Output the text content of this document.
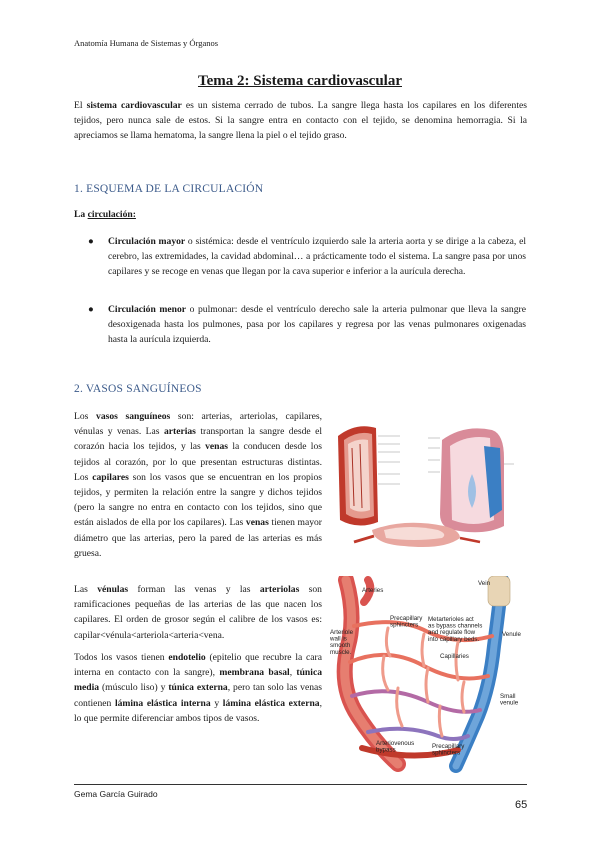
Anatomía Humana de Sistemas y Órganos
Tema 2: Sistema cardiovascular

El sistema cardiovascular es un sistema cerrado de tubos. La sangre llega hasta los capilares en los diferentes tejidos, pero nunca sale de estos. Si la sangre entra en contacto con el tejido, se denomina hemorragia. Si la apreciamos se llama hematoma, la sangre llena la piel o el tejido graso.

1. ESQUEMA DE LA CIRCULACIÓN

La circulación:

● Circulación mayor o sistémica: desde el ventrículo izquierdo sale la arteria aorta y se dirige a la cabeza, el cerebro, las extremidades, la cavidad abdominal… a prácticamente todo el sistema. La sangre pasa por unos capilares y se recoge en venas que llegan por la cava superior e inferior a la aurícula derecha.

● Circulación menor o pulmonar: desde el ventrículo derecho sale la arteria pulmonar que lleva la sangre desoxigenada hasta los pulmones, pasa por los capilares y regresa por las venas pulmonares oxigenadas hasta la aurícula izquierda.

2. VASOS SANGUÍNEOS

Los vasos sanguíneos son: arterias, arteriolas, capilares, vénulas y venas. Las arterias transportan la sangre desde el corazón hacia los tejidos, y las venas la conducen desde los tejidos al corazón, por lo que presentan estructuras distintas. Los capilares son los vasos que se encuentran en los propios tejidos, y permiten la relación entre la sangre y dichos tejidos (pero la sangre no entra en contacto con los tejidos, sino que están aislados de ella por los capilares). Las venas tienen mayor diámetro que las arterias, pero la pared de las arterias es más gruesa.

Las vénulas forman las venas y las arteriolas son ramificaciones pequeñas de las arterias de las que nacen los capilares. El orden de grosor según el calibre de los vasos es: capilar<vénula<arteriola<arteria<vena.

Todos los vasos tienen endotelio (epitelio que recubre la cara interna en contacto con la sangre), membrana basal, túnica media (músculo liso) y túnica externa, pero tan solo las venas contienen lámina elástica interna y lámina elástica externa, lo que permite diferenciar ambos tipos de vasos.

Arteries
Vein
Arteriole wall is smooth muscle.
Precapillary sphincters
Metarterioles act as bypass channels and regulate flow into capillary beds.
Venule
Capillaries
Small venule
Arteriovenous bypass
Precapillary sphincters
Gema García Guirado
65
